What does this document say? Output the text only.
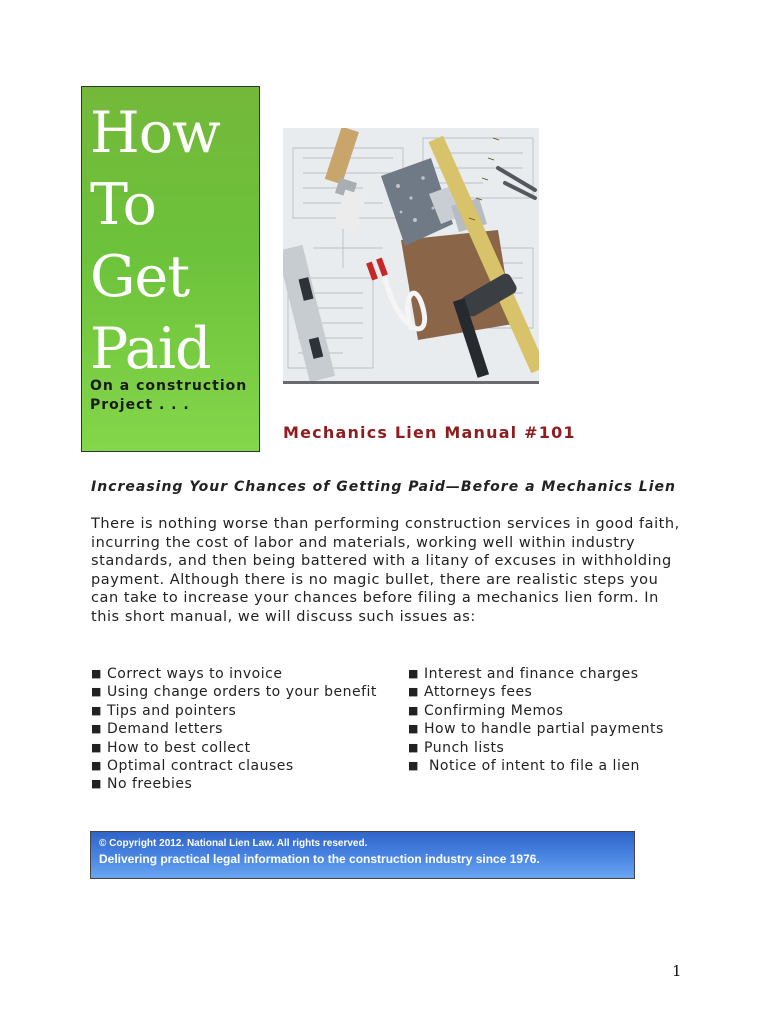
How
To
Get
Paid
On a construction Project . . .
Mechanics Lien Manual #101
Increasing Your Chances of Getting Paid—Before a Mechanics Lien

There is nothing worse than performing construction services in good faith, incurring the cost of labor and materials, working well within industry standards, and then being battered with a litany of excuses in withholding payment. Although there is no magic bullet, there are realistic steps you can take to increase your chances before filing a mechanics lien form. In this short manual, we will discuss such issues as:

■ Correct ways to invoice
■ Using change orders to your benefit
■ Tips and pointers
■ Demand letters
■ How to best collect
■ Optimal contract clauses
■ No freebies
■ Interest and finance charges
■ Attorneys fees
■ Confirming Memos
■ How to handle partial payments
■ Punch lists
■ Notice of intent to file a lien

© Copyright 2012. National Lien Law. All rights reserved.

Delivering practical legal information to the construction industry since 1976.

1
